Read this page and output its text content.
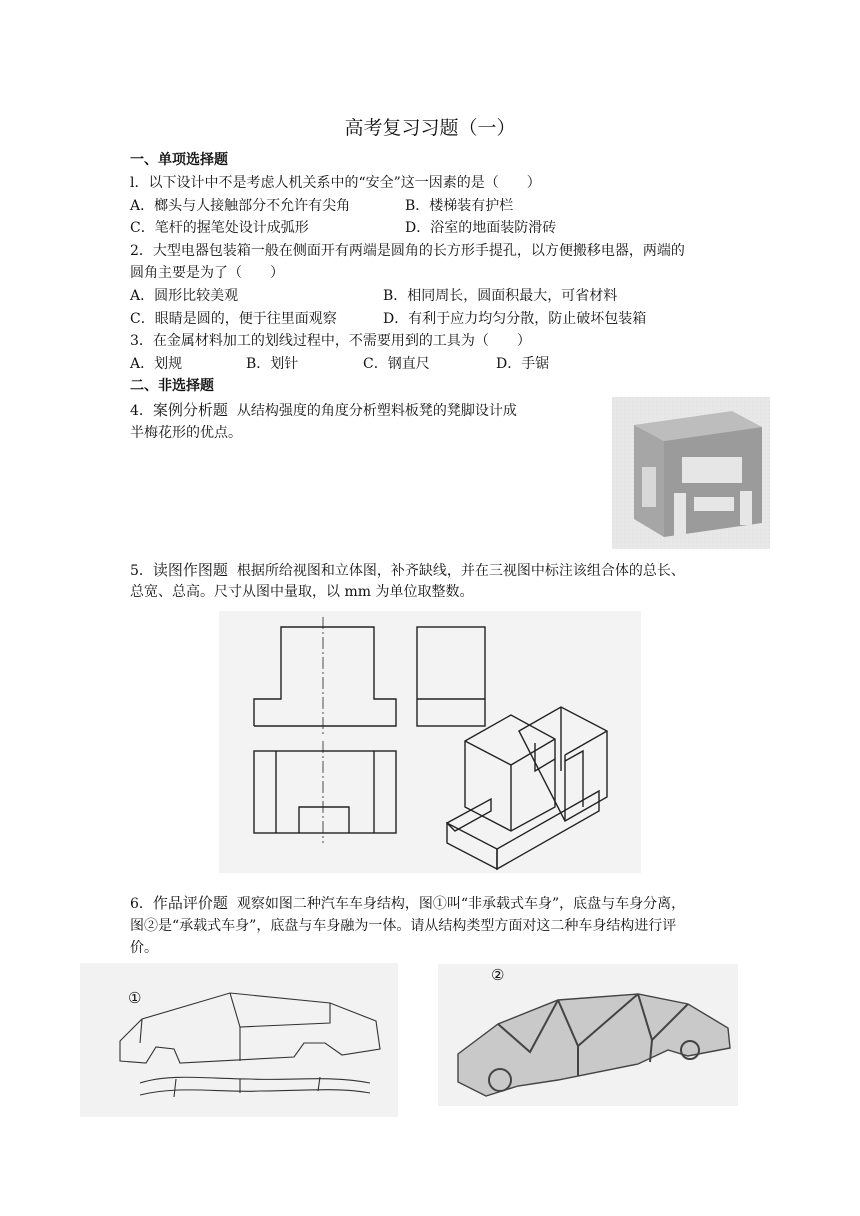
高考复习习题（一）
一、单项选择题
l．以下设计中不是考虑人机关系中的“安全”这一因素的是（　　）
A．榔头与人接触部分不允许有尖角	B．楼梯装有护栏
C．笔杆的握笔处设计成弧形	D．浴室的地面装防滑砖
2．大型电器包装箱一般在侧面开有两端是圆角的长方形手提孔，以方便搬移电器，两端的
圆角主要是为了（　　）
A．圆形比较美观	B．相同周长，圆面积最大，可省材料
C．眼睛是圆的，便于往里面观察	D．有利于应力均匀分散，防止破坏包装箱
3．在金属材料加工的划线过程中，不需要用到的工具为（　　）
A．划规	B．划针	C．钢直尺	D．手锯
二、非选择题
4．案例分析题 从结构强度的角度分析塑料板凳的凳脚设计成
半梅花形的优点。
5．读图作图题 根据所给视图和立体图，补齐缺线，并在三视图中标注该组合体的总长、
总宽、总高。尺寸从图中量取，以 mm 为单位取整数。
6．作品评价题 观察如图二种汽车车身结构，图①叫“非承载式车身”，底盘与车身分离，
图②是“承载式车身”，底盘与车身融为一体。请从结构类型方面对这二种车身结构进行评
价。
①
②
